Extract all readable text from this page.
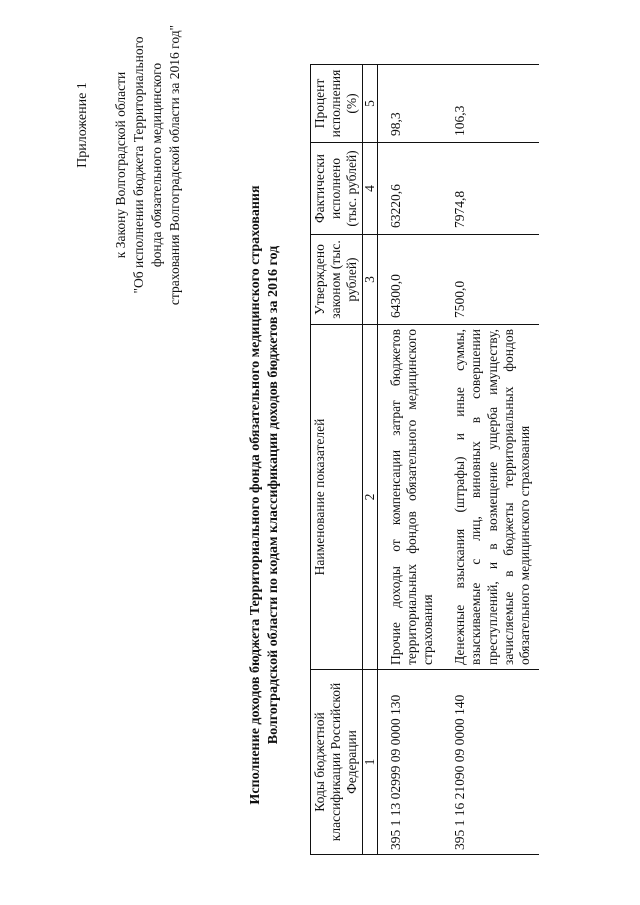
Приложение 1 к Закону Волгоградской области "Об исполнении бюджета Территориального фонда обязательного медицинского страхования Волгоградской области за 2016 год"
Исполнение доходов бюджета Территориального фонда обязательного медицинского страхования Волгоградской области по кодам классификации доходов бюджетов за 2016 год
Коды бюджетной классификации Российской Федерации	Наименование показателей	Утверждено законом (тыс. рублей)	Фактически исполнено (тыс. рублей)	Процент исполнения (%)
1	2	3	4	5
395 1 13 02999 09 0000 130	Прочие доходы от компенсации затрат бюджетов территориальных фондов обязательного медицинского страхования	64300,0	63220,6	98,3
395 1 16 21090 09 0000 140	Денежные взыскания (штрафы) и иные суммы, взыскиваемые с лиц, виновных в совершении преступлений, и в возмещение ущерба имуществу, зачисляемые в бюджеты территориальных фондов обязательного медицинского страхования	7500,0	7974,8	106,3
